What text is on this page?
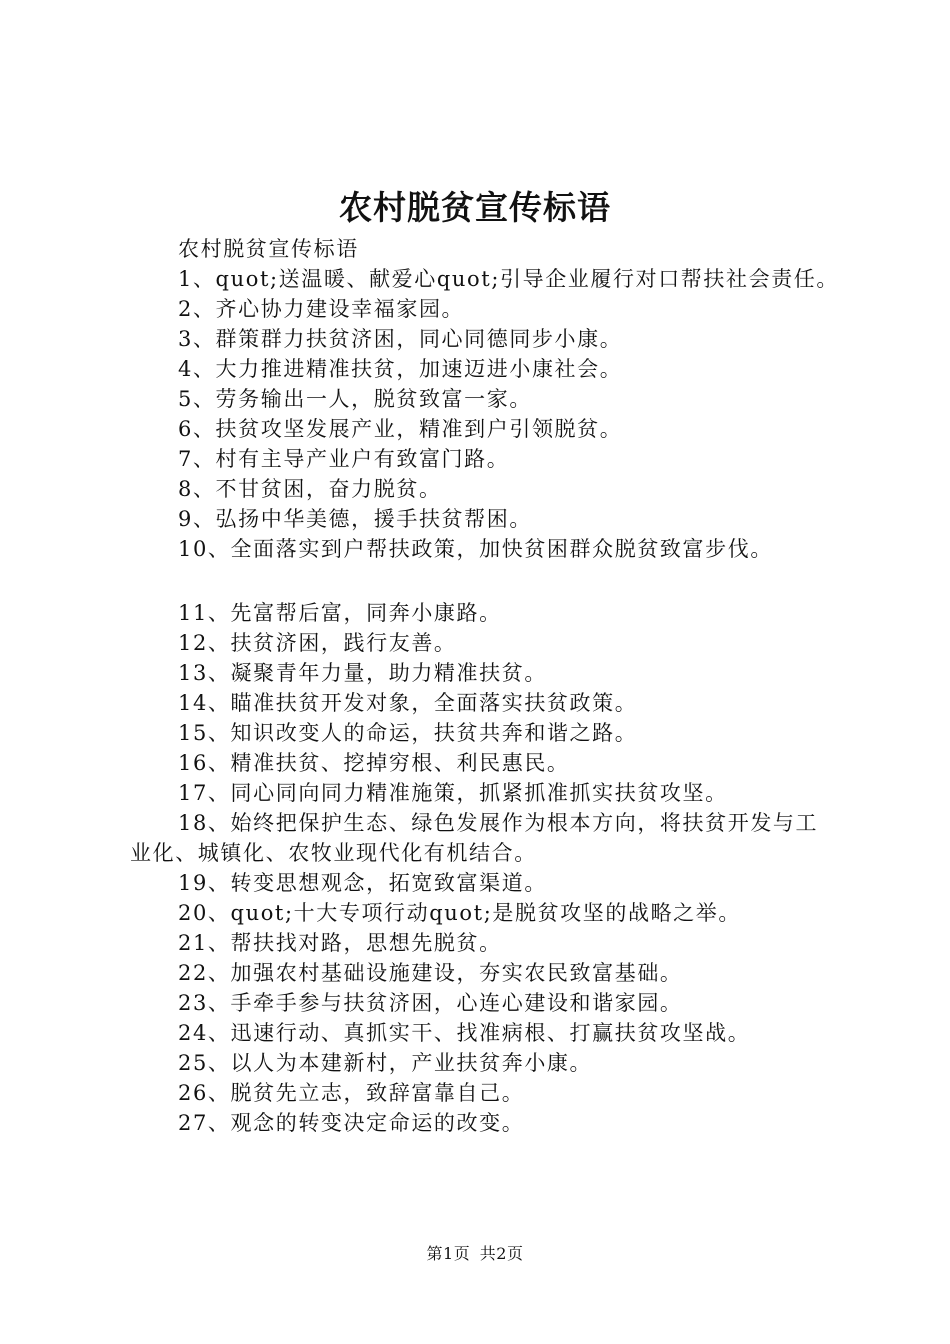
农村脱贫宣传标语

农村脱贫宣传标语

1、quot;送温暖、献爱心quot;引导企业履行对口帮扶社会责任。

2、齐心协力建设幸福家园。

3、群策群力扶贫济困，同心同德同步小康。

4、大力推进精准扶贫，加速迈进小康社会。

5、劳务输出一人，脱贫致富一家。

6、扶贫攻坚发展产业，精准到户引领脱贫。

7、村有主导产业户有致富门路。

8、不甘贫困，奋力脱贫。

9、弘扬中华美德，援手扶贫帮困。

10、全面落实到户帮扶政策，加快贫困群众脱贫致富步伐。

11、先富帮后富，同奔小康路。

12、扶贫济困，践行友善。

13、凝聚青年力量，助力精准扶贫。

14、瞄准扶贫开发对象，全面落实扶贫政策。

15、知识改变人的命运，扶贫共奔和谐之路。

16、精准扶贫、挖掉穷根、利民惠民。

17、同心同向同力精准施策，抓紧抓准抓实扶贫攻坚。

18、始终把保护生态、绿色发展作为根本方向，将扶贫开发与工业化、城镇化、农牧业现代化有机结合。

19、转变思想观念，拓宽致富渠道。

20、quot;十大专项行动quot;是脱贫攻坚的战略之举。

21、帮扶找对路，思想先脱贫。

22、加强农村基础设施建设，夯实农民致富基础。

23、手牵手参与扶贫济困，心连心建设和谐家园。

24、迅速行动、真抓实干、找准病根、打赢扶贫攻坚战。

25、以人为本建新村，产业扶贫奔小康。

26、脱贫先立志，致辞富靠自己。

27、观念的转变决定命运的改变。

第1页 共2页
